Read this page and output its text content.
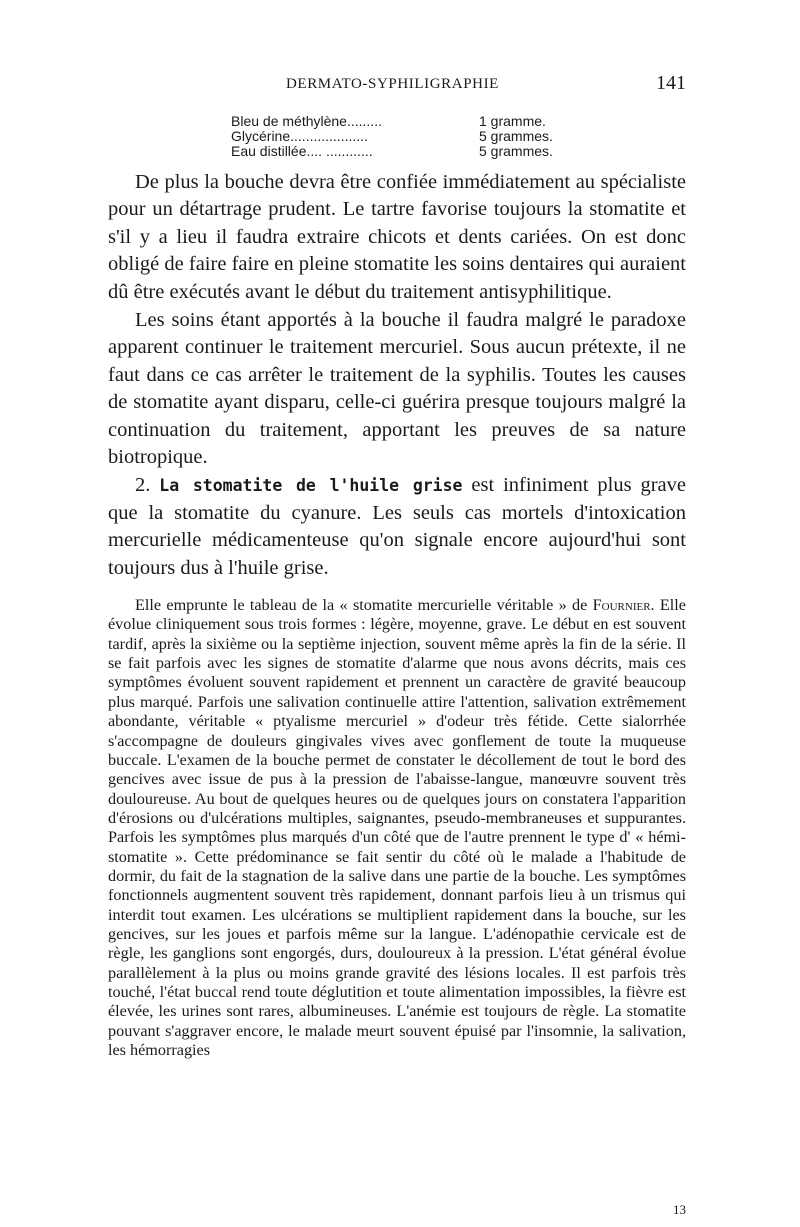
DERMATO-SYPHILIGRAPHIE	141
Bleu de méthylène.........	1 gramme.
Glycérine....................	5 grammes.
Eau distillée.... ............	5 grammes.

De plus la bouche devra être confiée immédiatement au spécialiste pour un détartrage prudent. Le tartre favorise toujours la stomatite et s'il y a lieu il faudra extraire chicots et dents cariées. On est donc obligé de faire faire en pleine stomatite les soins dentaires qui auraient dû être exécutés avant le début du traitement antisyphilitique.

Les soins étant apportés à la bouche il faudra malgré le paradoxe apparent continuer le traitement mercuriel. Sous aucun prétexte, il ne faut dans ce cas arrêter le traitement de la syphilis. Toutes les causes de stomatite ayant disparu, celle-ci guérira presque toujours malgré la continuation du traitement, apportant les preuves de sa nature biotropique.

2. La stomatite de l'huile grise est infiniment plus grave que la stomatite du cyanure. Les seuls cas mortels d'intoxication mercurielle médicamenteuse qu'on signale encore aujourd'hui sont toujours dus à l'huile grise.

Elle emprunte le tableau de la « stomatite mercurielle véritable » de Fournier. Elle évolue cliniquement sous trois formes : légère, moyenne, grave. Le début en est souvent tardif, après la sixième ou la septième injection, souvent même après la fin de la série. Il se fait parfois avec les signes de stomatite d'alarme que nous avons décrits, mais ces symptômes évoluent souvent rapidement et prennent un caractère de gravité beaucoup plus marqué. Parfois une salivation continuelle attire l'attention, salivation extrêmement abondante, véritable « ptyalisme mercuriel » d'odeur très fétide. Cette sialorrhée s'accompagne de douleurs gingivales vives avec gonflement de toute la muqueuse buccale. L'examen de la bouche permet de constater le décollement de tout le bord des gencives avec issue de pus à la pression de l'abaisse-langue, manœuvre souvent très douloureuse. Au bout de quelques heures ou de quelques jours on constatera l'apparition d'érosions ou d'ulcérations multiples, saignantes, pseudo-membraneuses et suppurantes. Parfois les symptômes plus marqués d'un côté que de l'autre prennent le type d' « hémi-stomatite ». Cette prédominance se fait sentir du côté où le malade a l'habitude de dormir, du fait de la stagnation de la salive dans une partie de la bouche. Les symptômes fonctionnels augmentent souvent très rapidement, donnant parfois lieu à un trismus qui interdit tout examen. Les ulcérations se multiplient rapidement dans la bouche, sur les gencives, sur les joues et parfois même sur la langue. L'adénopathie cervicale est de règle, les ganglions sont engorgés, durs, douloureux à la pression. L'état général évolue parallèlement à la plus ou moins grande gravité des lésions locales. Il est parfois très touché, l'état buccal rend toute déglutition et toute alimentation impossibles, la fièvre est élevée, les urines sont rares, albumineuses. L'anémie est toujours de règle. La stomatite pouvant s'aggraver encore, le malade meurt souvent épuisé par l'insomnie, la salivation, les hémorragies

13
